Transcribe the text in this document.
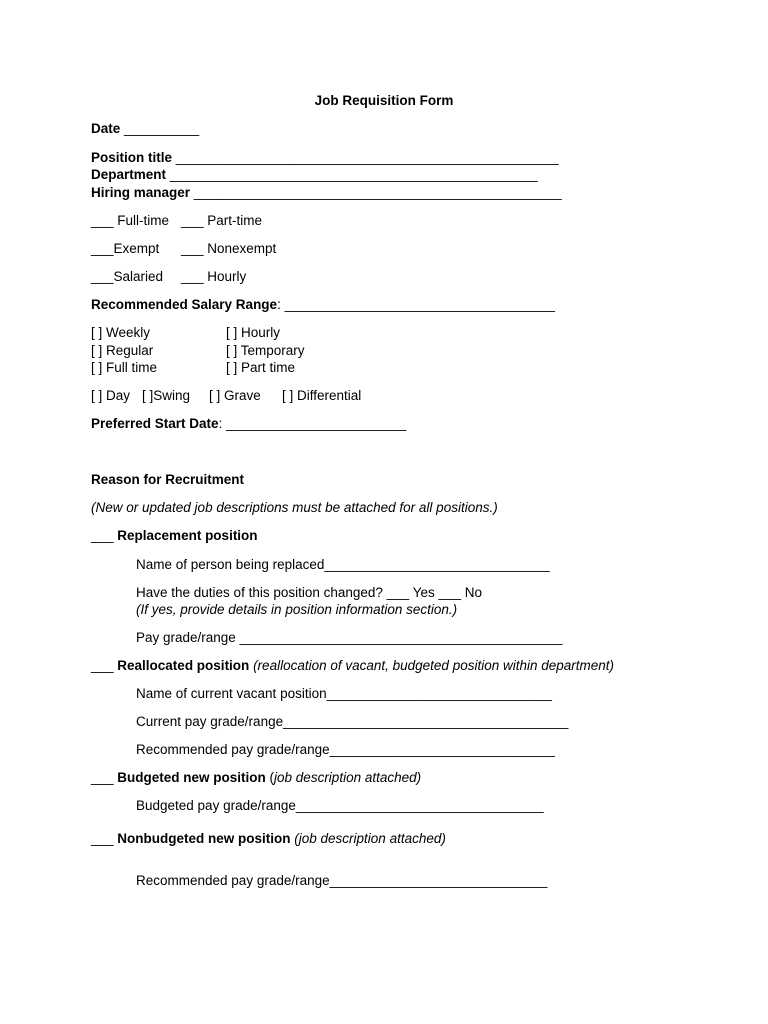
Job Requisition Form
Date __________
Position title ___________________________________________________
Department _________________________________________________
Hiring manager _________________________________________________
___ Full-time ___ Part-time
___Exempt ___ Nonexempt
___Salaried ___ Hourly
Recommended Salary Range: ____________________________________
[ ] Weekly	[ ] Hourly
[ ] Regular	[ ] Temporary
[ ] Full time	[ ] Part time
[ ] Day [ ]Swing [ ] Grave [ ] Differential
Preferred Start Date: ________________________
Reason for Recruitment
(New or updated job descriptions must be attached for all positions.)
___ Replacement position
Name of person being replaced______________________________
Have the duties of this position changed? ___ Yes ___ No
(If yes, provide details in position information section.)
Pay grade/range ___________________________________________
___ Reallocated position (reallocation of vacant, budgeted position within department)
Name of current vacant position______________________________
Current pay grade/range______________________________________
Recommended pay grade/range______________________________
___ Budgeted new position (job description attached)
Budgeted pay grade/range_________________________________
___ Nonbudgeted new position (job description attached)
Recommended pay grade/range_____________________________
